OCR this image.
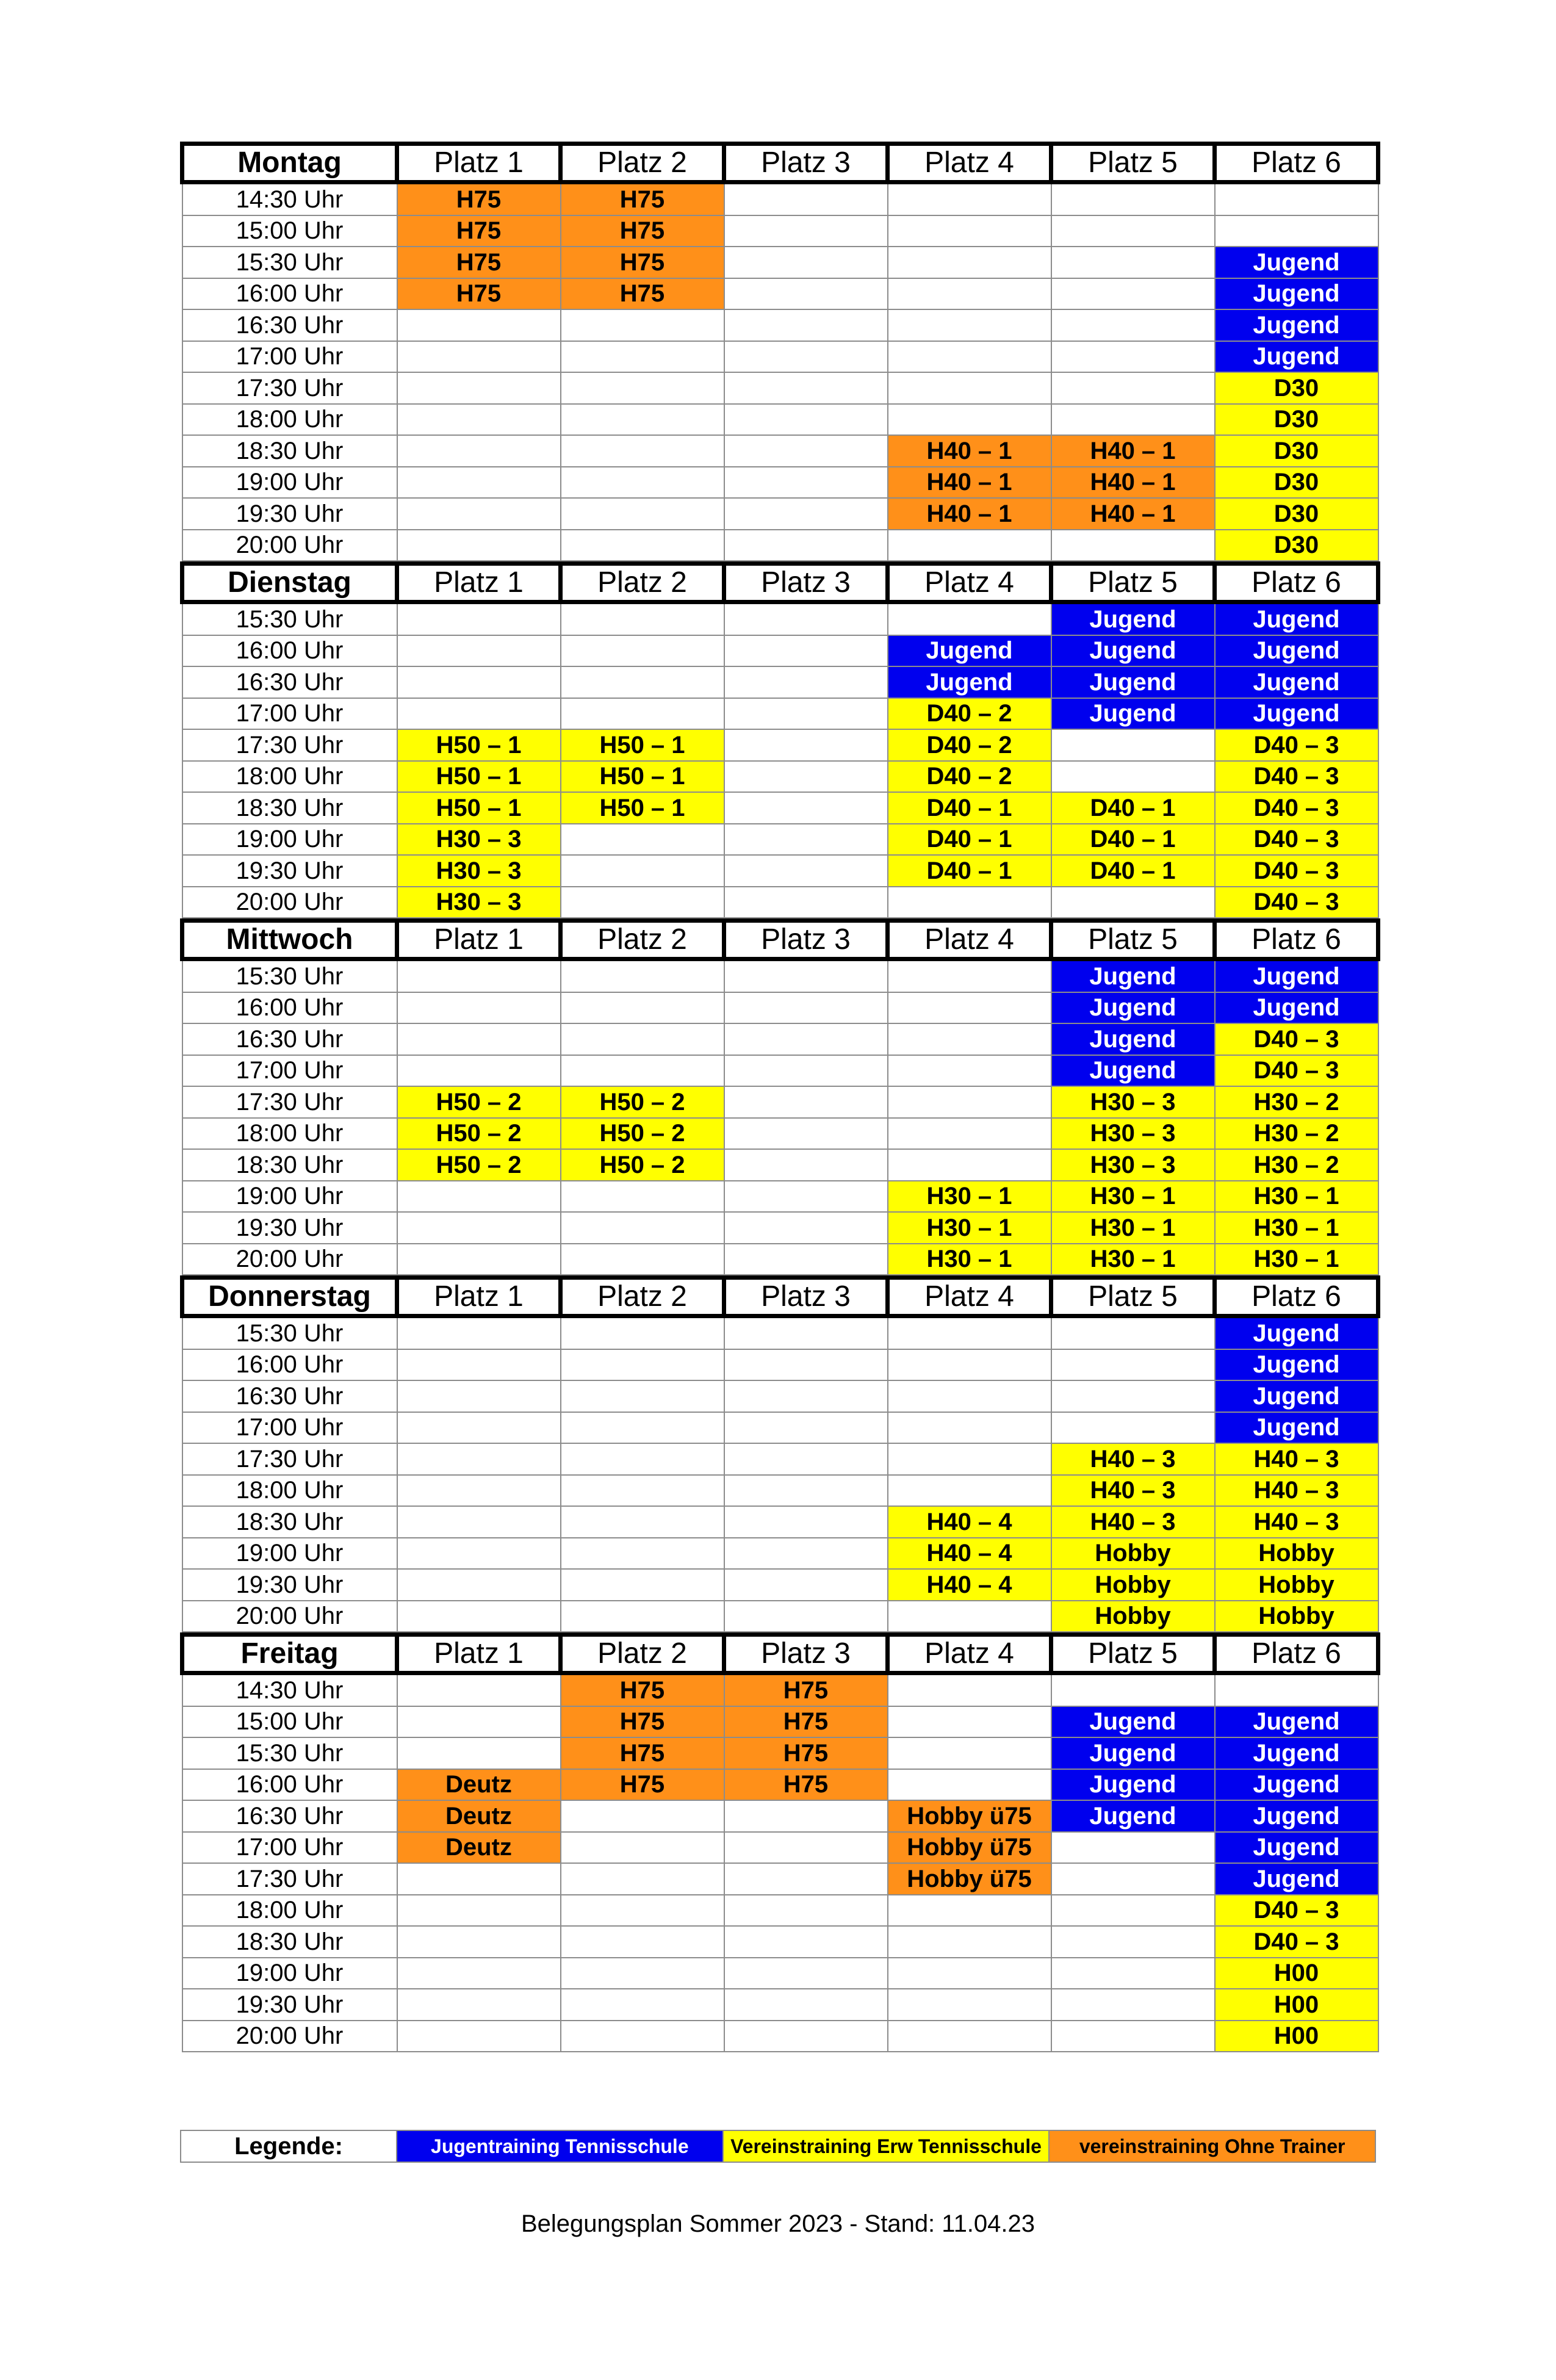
Montag	Platz 1	Platz 2	Platz 3	Platz 4	Platz 5	Platz 6
14:30 Uhr	H75	H75				
15:00 Uhr	H75	H75				
15:30 Uhr	H75	H75				Jugend
16:00 Uhr	H75	H75				Jugend
16:30 Uhr						Jugend
17:00 Uhr						Jugend
17:30 Uhr						D30
18:00 Uhr						D30
18:30 Uhr				H40 – 1	H40 – 1	D30
19:00 Uhr				H40 – 1	H40 – 1	D30
19:30 Uhr				H40 – 1	H40 – 1	D30
20:00 Uhr						D30
Dienstag	Platz 1	Platz 2	Platz 3	Platz 4	Platz 5	Platz 6
15:30 Uhr					Jugend	Jugend
16:00 Uhr				Jugend	Jugend	Jugend
16:30 Uhr				Jugend	Jugend	Jugend
17:00 Uhr				D40 – 2	Jugend	Jugend
17:30 Uhr	H50 – 1	H50 – 1		D40 – 2		D40 – 3
18:00 Uhr	H50 – 1	H50 – 1		D40 – 2		D40 – 3
18:30 Uhr	H50 – 1	H50 – 1		D40 – 1	D40 – 1	D40 – 3
19:00 Uhr	H30 – 3			D40 – 1	D40 – 1	D40 – 3
19:30 Uhr	H30 – 3			D40 – 1	D40 – 1	D40 – 3
20:00 Uhr	H30 – 3					D40 – 3
Mittwoch	Platz 1	Platz 2	Platz 3	Platz 4	Platz 5	Platz 6
15:30 Uhr					Jugend	Jugend
16:00 Uhr					Jugend	Jugend
16:30 Uhr					Jugend	D40 – 3
17:00 Uhr					Jugend	D40 – 3
17:30 Uhr	H50 – 2	H50 – 2			H30 – 3	H30 – 2
18:00 Uhr	H50 – 2	H50 – 2			H30 – 3	H30 – 2
18:30 Uhr	H50 – 2	H50 – 2			H30 – 3	H30 – 2
19:00 Uhr				H30 – 1	H30 – 1	H30 – 1
19:30 Uhr				H30 – 1	H30 – 1	H30 – 1
20:00 Uhr				H30 – 1	H30 – 1	H30 – 1
Donnerstag	Platz 1	Platz 2	Platz 3	Platz 4	Platz 5	Platz 6
15:30 Uhr						Jugend
16:00 Uhr						Jugend
16:30 Uhr						Jugend
17:00 Uhr						Jugend
17:30 Uhr					H40 – 3	H40 – 3
18:00 Uhr					H40 – 3	H40 – 3
18:30 Uhr				H40 – 4	H40 – 3	H40 – 3
19:00 Uhr				H40 – 4	Hobby	Hobby
19:30 Uhr				H40 – 4	Hobby	Hobby
20:00 Uhr					Hobby	Hobby
Freitag	Platz 1	Platz 2	Platz 3	Platz 4	Platz 5	Platz 6
14:30 Uhr		H75	H75			
15:00 Uhr		H75	H75		Jugend	Jugend
15:30 Uhr		H75	H75		Jugend	Jugend
16:00 Uhr	Deutz	H75	H75		Jugend	Jugend
16:30 Uhr	Deutz			Hobby ü75	Jugend	Jugend
17:00 Uhr	Deutz			Hobby ü75		Jugend
17:30 Uhr				Hobby ü75		Jugend
18:00 Uhr						D40 – 3
18:30 Uhr						D40 – 3
19:00 Uhr						H00
19:30 Uhr						H00
20:00 Uhr						H00
Legende:	Jugentraining Tennisschule	Vereinstraining Erw Tennisschule	vereinstraining Ohne Trainer
Belegungsplan Sommer 2023 - Stand: 11.04.23
